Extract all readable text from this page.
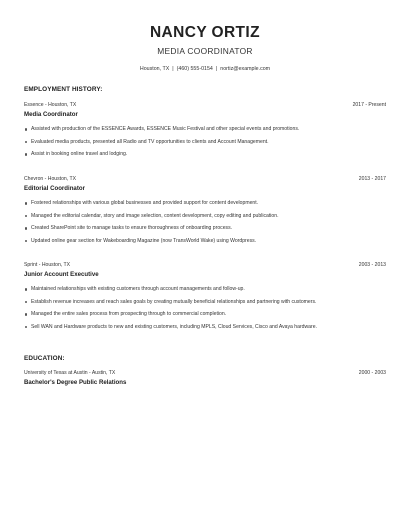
NANCY ORTIZ
MEDIA COORDINATOR
Houston, TX | (460) 555-0154 | nortiz@example.com
EMPLOYMENT HISTORY:
Essence - Houston, TX	2017 - Present
Media Coordinator
Assisted with production of the ESSENCE Awards, ESSENCE Music Festival and other special events and promotions.
Evaluated media products, presented all Radio and TV opportunities to clients and Account Management.
Assist in booking online travel and lodging.
Chevron - Houston, TX	2013 - 2017
Editorial Coordinator
Fostered relationships with various global businesses and provided support for content development.
Managed the editorial calendar, story and image selection, content development, copy editing and publication.
Created SharePoint site to manage tasks to ensure thoroughness of onboarding process.
Updated online gear section for Wakeboarding Magazine (now TransWorld Wake) using Wordpress.
Sprint - Houston, TX	2003 - 2013
Junior Account Executive
Maintained relationships with existing customers through account managements and follow-up.
Establish revenue increases and reach sales goals by creating mutually beneficial relationships and partnering with customers.
Managed the entire sales process from prospecting through to commercial completion.
Sell WAN and Hardware products to new and existing customers, including MPLS, Cloud Services, Cisco and Avaya hardware.
EDUCATION:
University of Texas at Austin - Austin, TX	2000 - 2003
Bachelor's Degree Public Relations
